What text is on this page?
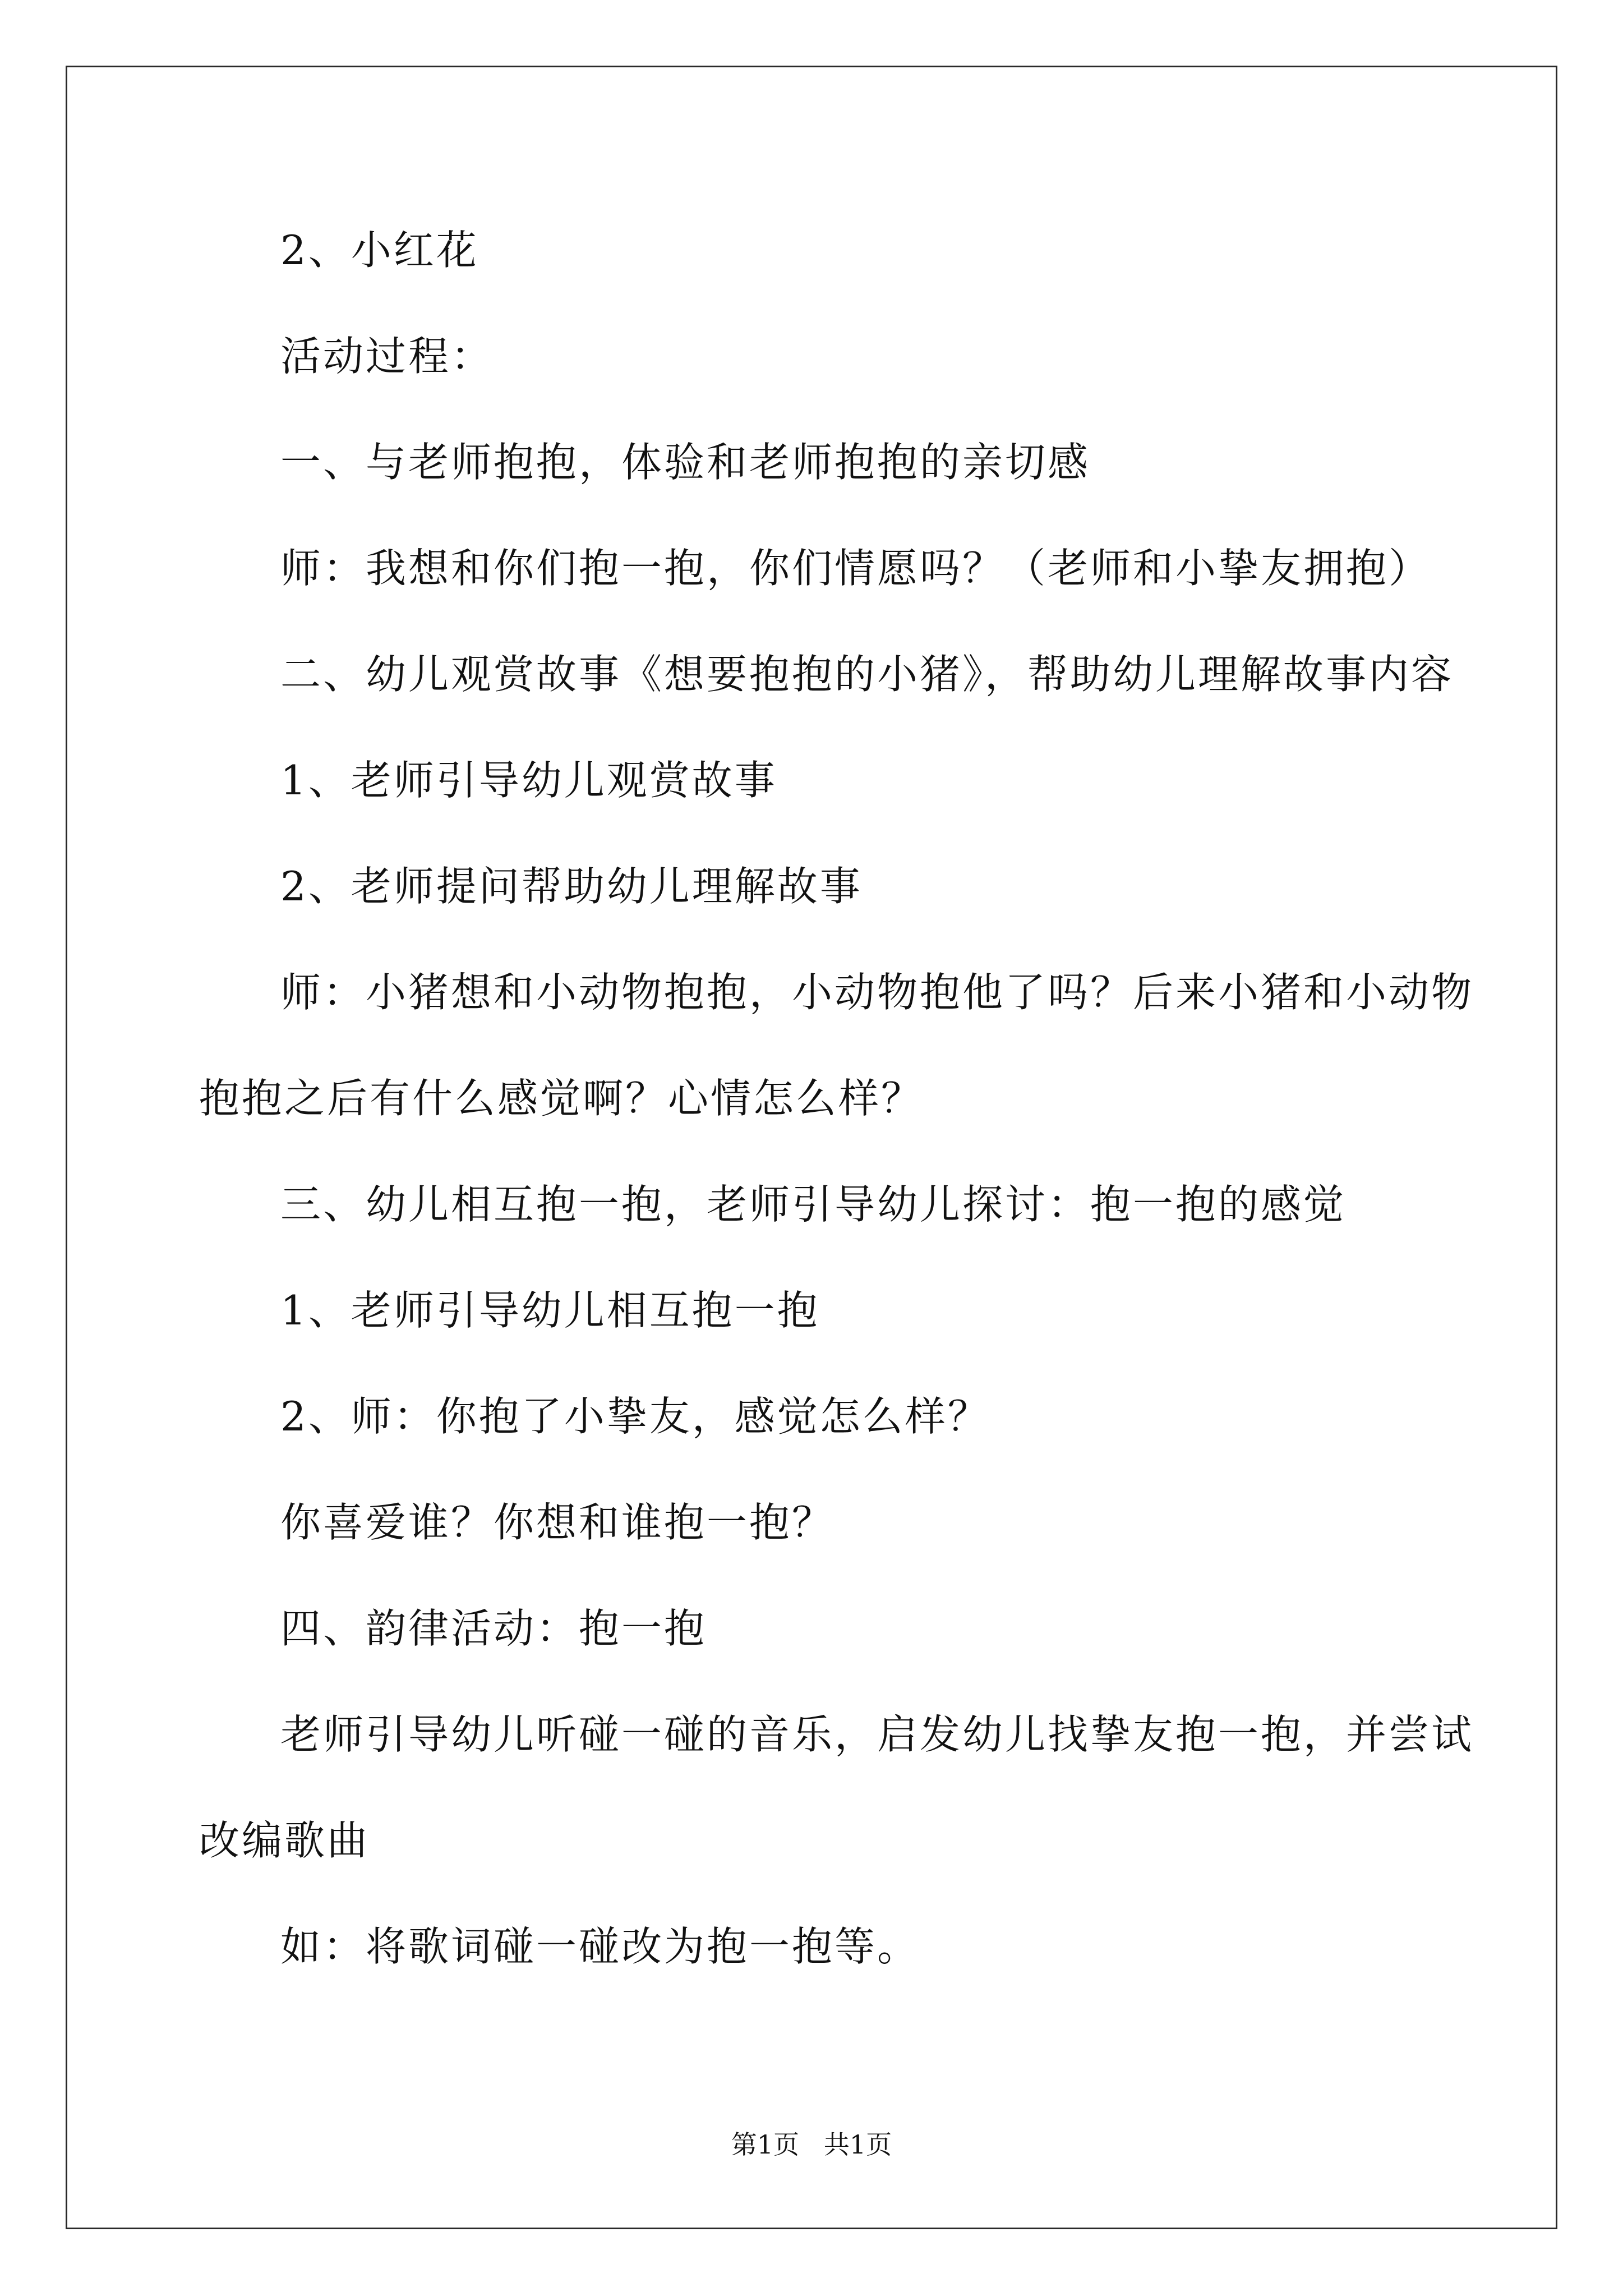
2、小红花
活动过程：
一、与老师抱抱，体验和老师抱抱的亲切感
师：我想和你们抱一抱，你们情愿吗？（老师和小挚友拥抱）
二、幼儿观赏故事《想要抱抱的小猪》，帮助幼儿理解故事内容
1、老师引导幼儿观赏故事
2、老师提问帮助幼儿理解故事
师：小猪想和小动物抱抱，小动物抱他了吗？后来小猪和小动物
抱抱之后有什么感觉啊？心情怎么样？
三、幼儿相互抱一抱，老师引导幼儿探讨：抱一抱的感觉
1、老师引导幼儿相互抱一抱
2、师：你抱了小挚友，感觉怎么样？
你喜爱谁？你想和谁抱一抱？
四、韵律活动：抱一抱
老师引导幼儿听碰一碰的音乐，启发幼儿找挚友抱一抱，并尝试
改编歌曲
如：将歌词碰一碰改为抱一抱等。
第1页   共1页
